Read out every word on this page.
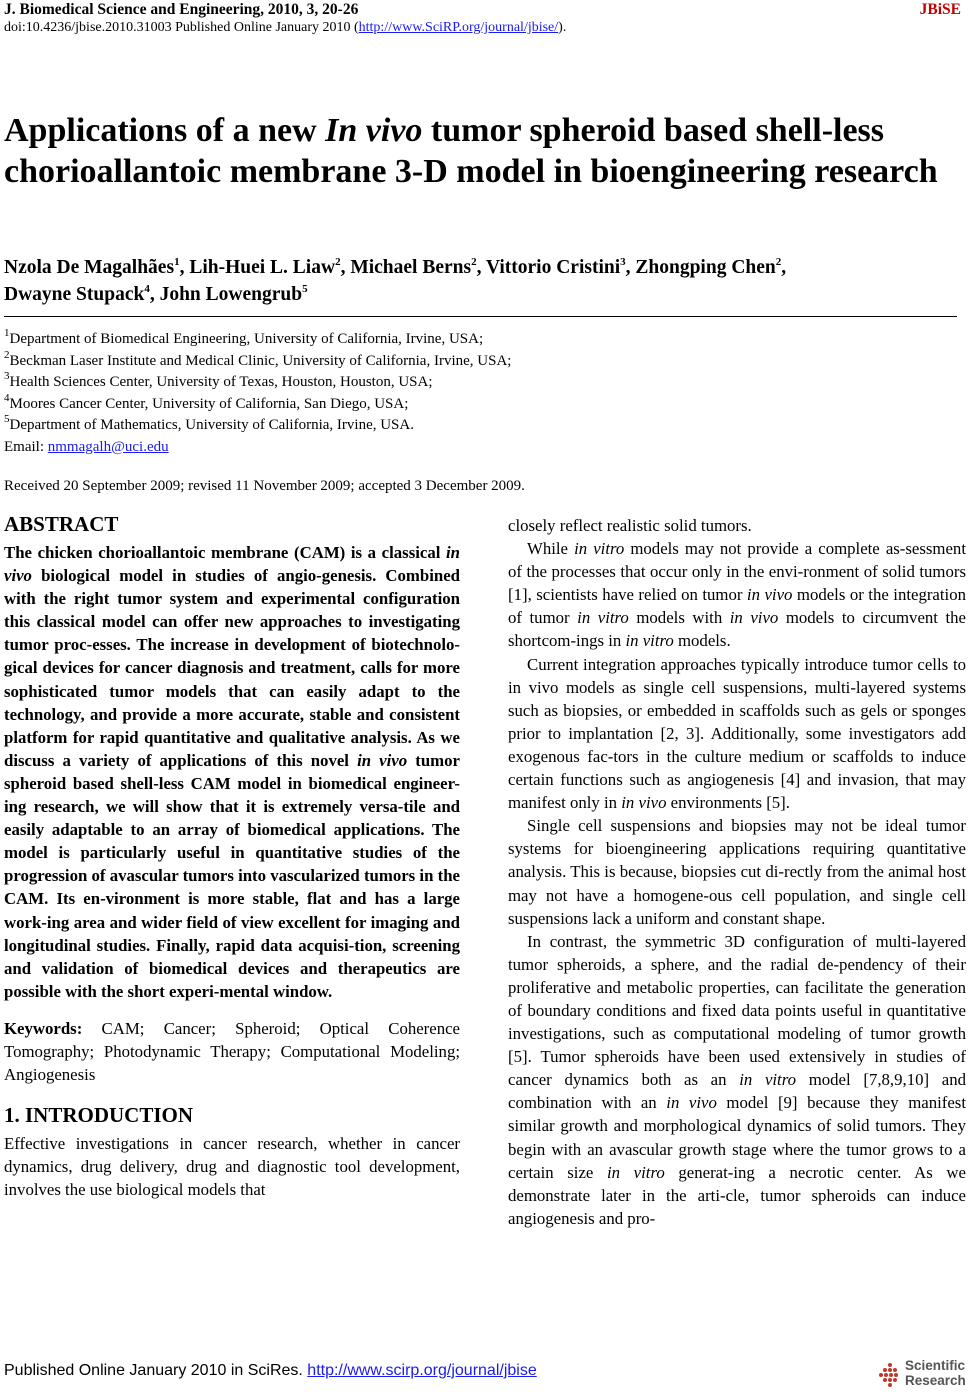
J. Biomedical Science and Engineering, 2010, 3, 20-26	JBiSE
doi:10.4236/jbise.2010.31003 Published Online January 2010 (http://www.SciRP.org/journal/jbise/).
Applications of a new In vivo tumor spheroid based shell-less chorioallantoic membrane 3-D model in bioengineering research
Nzola De Magalhães$^1$, Lih-Huei L. Liaw$^2$, Michael Berns$^2$, Vittorio Cristini$^3$, Zhongping Chen$^2$,
Dwayne Stupack$^4$, John Lowengrub$^5$
$^1$Department of Biomedical Engineering, University of California, Irvine, USA;
$^2$Beckman Laser Institute and Medical Clinic, University of California, Irvine, USA;
$^3$Health Sciences Center, University of Texas, Houston, Houston, USA;
$^4$Moores Cancer Center, University of California, San Diego, USA;
$^5$Department of Mathematics, University of California, Irvine, USA.
Email: nmmagalh@uci.edu
Received 20 September 2009; revised 11 November 2009; accepted 3 December 2009.
ABSTRACT

The chicken chorioallantoic membrane (CAM) is a classical in vivo biological model in studies of angio-genesis. Combined with the right tumor system and experimental configuration this classical model can offer new approaches to investigating tumor proc-esses. The increase in development of biotechnolo-gical devices for cancer diagnosis and treatment, calls for more sophisticated tumor models that can easily adapt to the technology, and provide a more accurate, stable and consistent platform for rapid quantitative and qualitative analysis. As we discuss a variety of applications of this novel in vivo tumor spheroid based shell-less CAM model in biomedical engineer-ing research, we will show that it is extremely versa-tile and easily adaptable to an array of biomedical applications. The model is particularly useful in quantitative studies of the progression of avascular tumors into vascularized tumors in the CAM. Its en-vironment is more stable, flat and has a large work-ing area and wider field of view excellent for imaging and longitudinal studies. Finally, rapid data acquisi-tion, screening and validation of biomedical devices and therapeutics are possible with the short experi-mental window.

Keywords: CAM; Cancer; Spheroid; Optical Coherence Tomography; Photodynamic Therapy; Computational Modeling; Angiogenesis

1. INTRODUCTION

Effective investigations in cancer research, whether in cancer dynamics, drug delivery, drug and diagnostic tool development, involves the use biological models that

closely reflect realistic solid tumors.

While in vitro models may not provide a complete as-sessment of the processes that occur only in the envi-ronment of solid tumors [1], scientists have relied on tumor in vivo models or the integration of tumor in vitro models with in vivo models to circumvent the shortcom-ings in in vitro models.

Current integration approaches typically introduce tumor cells to in vivo models as single cell suspensions, multi-layered systems such as biopsies, or embedded in scaffolds such as gels or sponges prior to implantation [2, 3]. Additionally, some investigators add exogenous fac-tors in the culture medium or scaffolds to induce certain functions such as angiogenesis [4] and invasion, that may manifest only in in vivo environments [5].

Single cell suspensions and biopsies may not be ideal tumor systems for bioengineering applications requiring quantitative analysis. This is because, biopsies cut di-rectly from the animal host may not have a homogene-ous cell population, and single cell suspensions lack a uniform and constant shape.

In contrast, the symmetric 3D configuration of multi-layered tumor spheroids, a sphere, and the radial de-pendency of their proliferative and metabolic properties, can facilitate the generation of boundary conditions and fixed data points useful in quantitative investigations, such as computational modeling of tumor growth [5]. Tumor spheroids have been used extensively in studies of cancer dynamics both as an in vitro model [7,8,9,10] and combination with an in vivo model [9] because they manifest similar growth and morphological dynamics of solid tumors. They begin with an avascular growth stage where the tumor grows to a certain size in vitro generat-ing a necrotic center. As we demonstrate later in the arti-cle, tumor spheroids can induce angiogenesis and pro-

Published Online January 2010 in SciRes. http://www.scirp.org/journal/jbise	Scientific
Research
